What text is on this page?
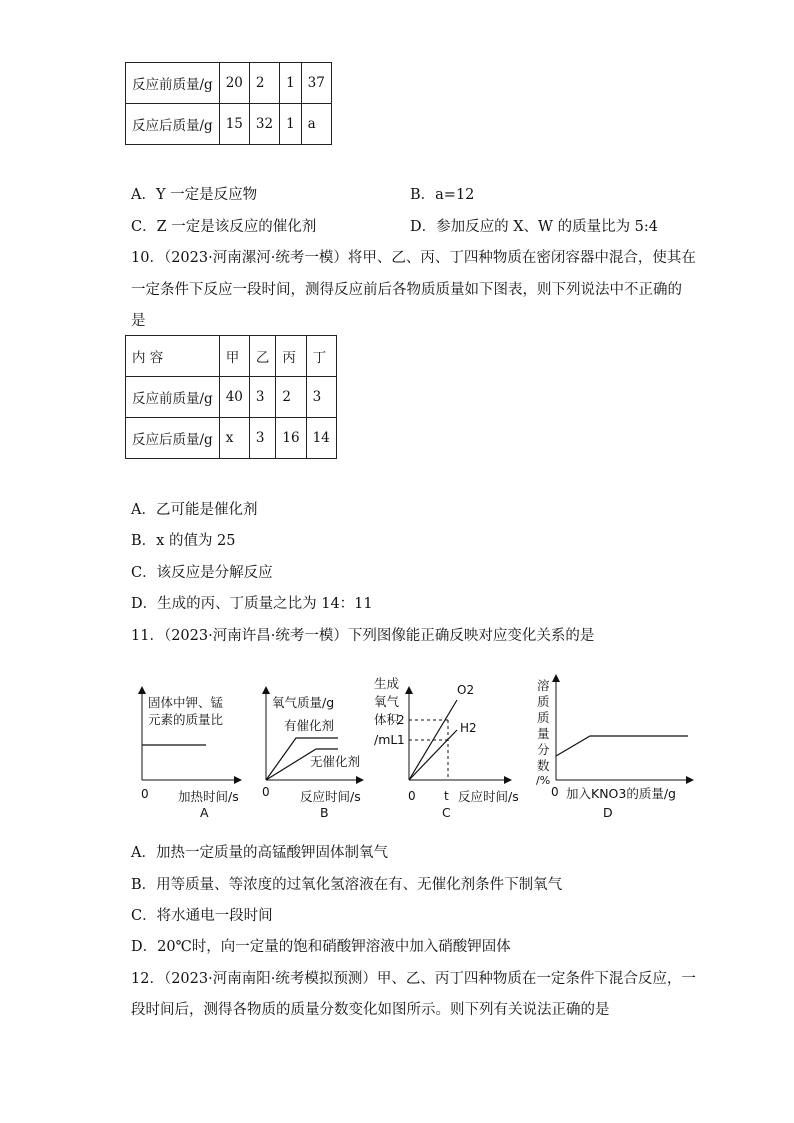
反应前质量/g	20	2	1	37
反应后质量/g	15	32	1	a
A．Y 一定是反应物	B．a=12
C．Z 一定是该反应的催化剂	D．参加反应的 X、W 的质量比为 5:4
10．（2023·河南漯河·统考一模）将甲、乙、丙、丁四种物质在密闭容器中混合，使其在
一定条件下反应一段时间，测得反应前后各物质质量如下图表，则下列说法中不正确的
是
内 容	甲	乙	丙	丁
反应前质量/g	40	3	2	3
反应后质量/g	x	3	16	14
A．乙可能是催化剂
B．x 的值为 25
C．该反应是分解反应
D．生成的丙、丁质量之比为 14：11
11．（2023·河南许昌·统考一模）下列图像能正确反映对应变化关系的是
固体中钾、锰
元素的质量比
0 加热时间/s
A
氧气质量/g
有催化剂
无催化剂
0 反应时间/s
B
生成
氧气
体积
/mL
2
1
O2
H2
0 t 反应时间/s
C
溶
质
质
量
分
数
/%
0 加入KNO3的质量/g
D
A．加热一定质量的高锰酸钾固体制氧气
B．用等质量、等浓度的过氧化氢溶液在有、无催化剂条件下制氧气
C．将水通电一段时间
D．20℃时，向一定量的饱和硝酸钾溶液中加入硝酸钾固体
12．（2023·河南南阳·统考模拟预测）甲、乙、丙丁四种物质在一定条件下混合反应，一
段时间后，测得各物质的质量分数变化如图所示。则下列有关说法正确的是
